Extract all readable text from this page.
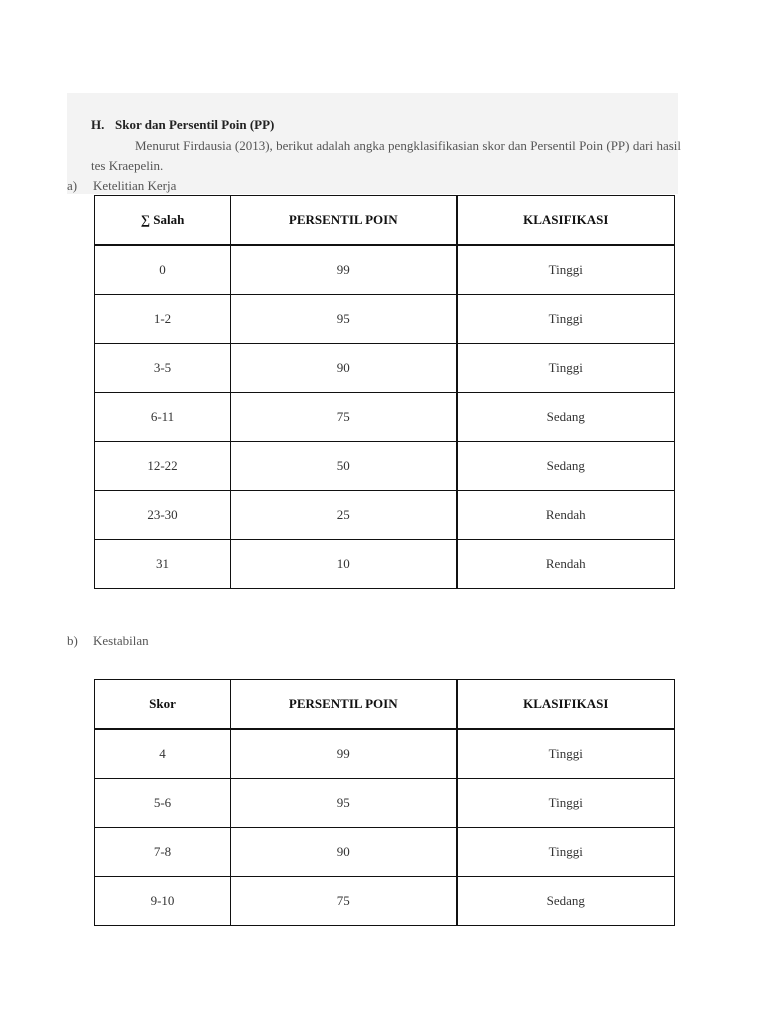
H. Skor dan Persentil Poin (PP)
Menurut Firdausia (2013), berikut adalah angka pengklasifikasian skor dan Persentil Poin (PP) dari hasil tes Kraepelin.
a) Ketelitian Kerja
∑ Salah	PERSENTIL POIN	KLASIFIKASI
0	99	Tinggi
1-2	95	Tinggi
3-5	90	Tinggi
6-11	75	Sedang
12-22	50	Sedang
23-30	25	Rendah
31	10	Rendah
b) Kestabilan
Skor	PERSENTIL POIN	KLASIFIKASI
4	99	Tinggi
5-6	95	Tinggi
7-8	90	Tinggi
9-10	75	Sedang
